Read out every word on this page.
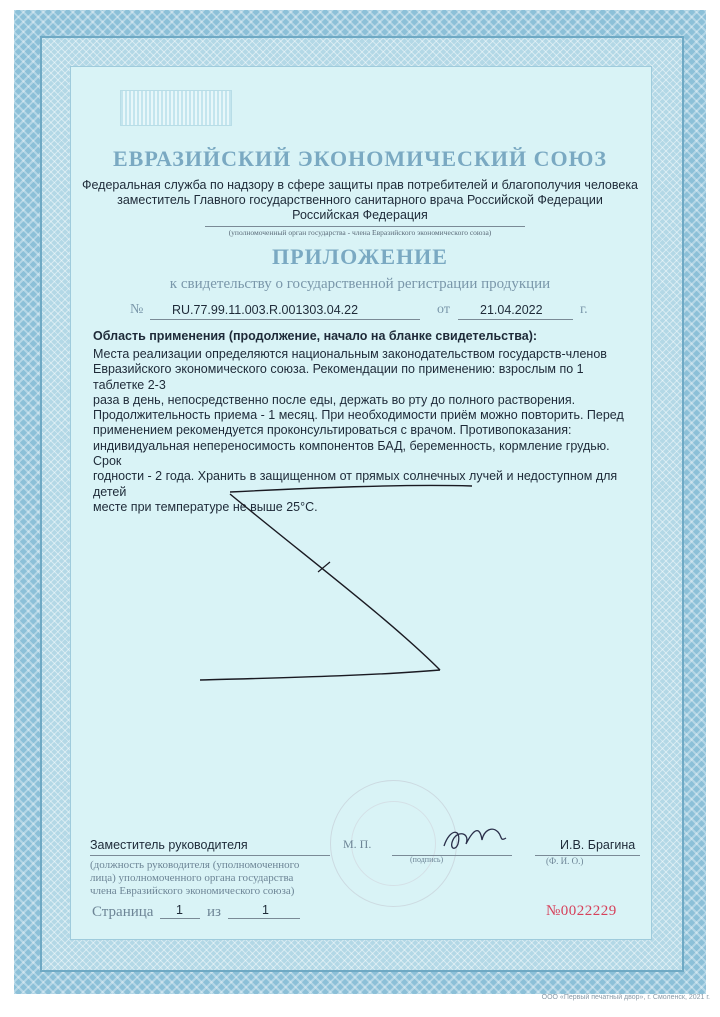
ЕВРАЗИЙСКИЙ ЭКОНОМИЧЕСКИЙ СОЮЗ
Федеральная служба по надзору в сфере защиты прав потребителей и благополучия человека
заместитель Главного государственного санитарного врача Российской Федерации
Российская Федерация
(уполномоченный орган государства - члена Евразийского экономического союза)
ПРИЛОЖЕНИЕ
к свидетельству о государственной регистрации продукции
№ RU.77.99.11.003.R.001303.04.22	от 21.04.2022	г.
Область применения (продолжение, начало на бланке свидетельства):
Места реализации определяются национальным законодательством государств-членов
Евразийского экономического союза. Рекомендации по применению: взрослым по 1 таблетке 2-3
раза в день, непосредственно после еды, держать во рту до полного растворения.
Продолжительность приема - 1 месяц. При необходимости приём можно повторить. Перед
применением рекомендуется проконсультироваться с врачом. Противопоказания:
индивидуальная непереносимость компонентов БАД, беременность, кормление грудью. Срок
годности - 2 года. Хранить в защищенном от прямых солнечных лучей и недоступном для детей
месте при температуре не выше 25°С.
Заместитель руководителя	М. П.
(подпись)
И.В. Брагина
(Ф. И. О.)
(должность руководителя (уполномоченного
лица) уполномоченного органа государства
члена Евразийского экономического союза)
Страница 1 из	1	№0022229
ООО «Первый печатный двор», г. Смоленск, 2021 г.
